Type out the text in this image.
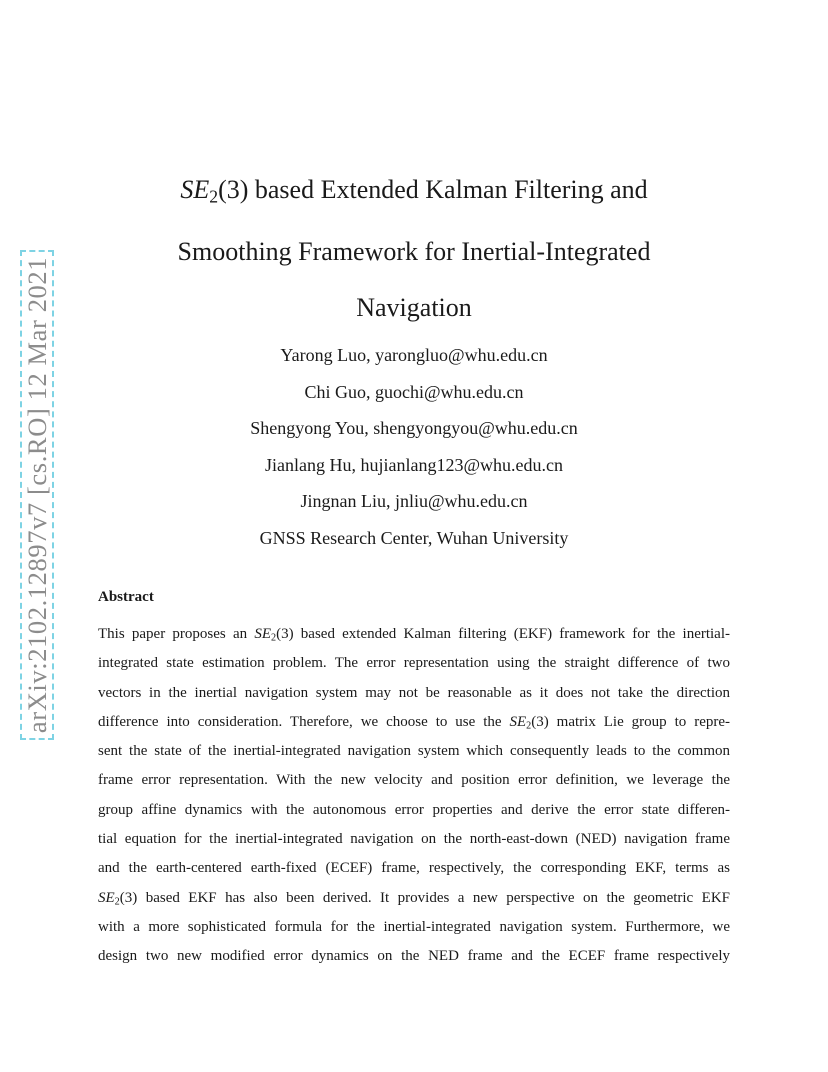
arXiv:2102.12897v7 [cs.RO] 12 Mar 2021
$SE_2(3)$ based Extended Kalman Filtering and
Smoothing Framework for Inertial-Integrated
Navigation
Yarong Luo, yarongluo@whu.edu.cn
Chi Guo, guochi@whu.edu.cn
Shengyong You, shengyongyou@whu.edu.cn
Jianlang Hu, hujianlang123@whu.edu.cn
Jingnan Liu, jnliu@whu.edu.cn
GNSS Research Center, Wuhan University
Abstract
This paper proposes an $SE_2(3)$ based extended Kalman filtering (EKF) framework for the inertial-
integrated state estimation problem. The error representation using the straight difference of two
vectors in the inertial navigation system may not be reasonable as it does not take the direction
difference into consideration. Therefore, we choose to use the $SE_2(3)$ matrix Lie group to repre-
sent the state of the inertial-integrated navigation system which consequently leads to the common
frame error representation. With the new velocity and position error definition, we leverage the
group affine dynamics with the autonomous error properties and derive the error state differen-
tial equation for the inertial-integrated navigation on the north-east-down (NED) navigation frame
and the earth-centered earth-fixed (ECEF) frame, respectively, the corresponding EKF, terms as
$SE_2(3)$ based EKF has also been derived. It provides a new perspective on the geometric EKF
with a more sophisticated formula for the inertial-integrated navigation system. Furthermore, we
design two new modified error dynamics on the NED frame and the ECEF frame respectively
